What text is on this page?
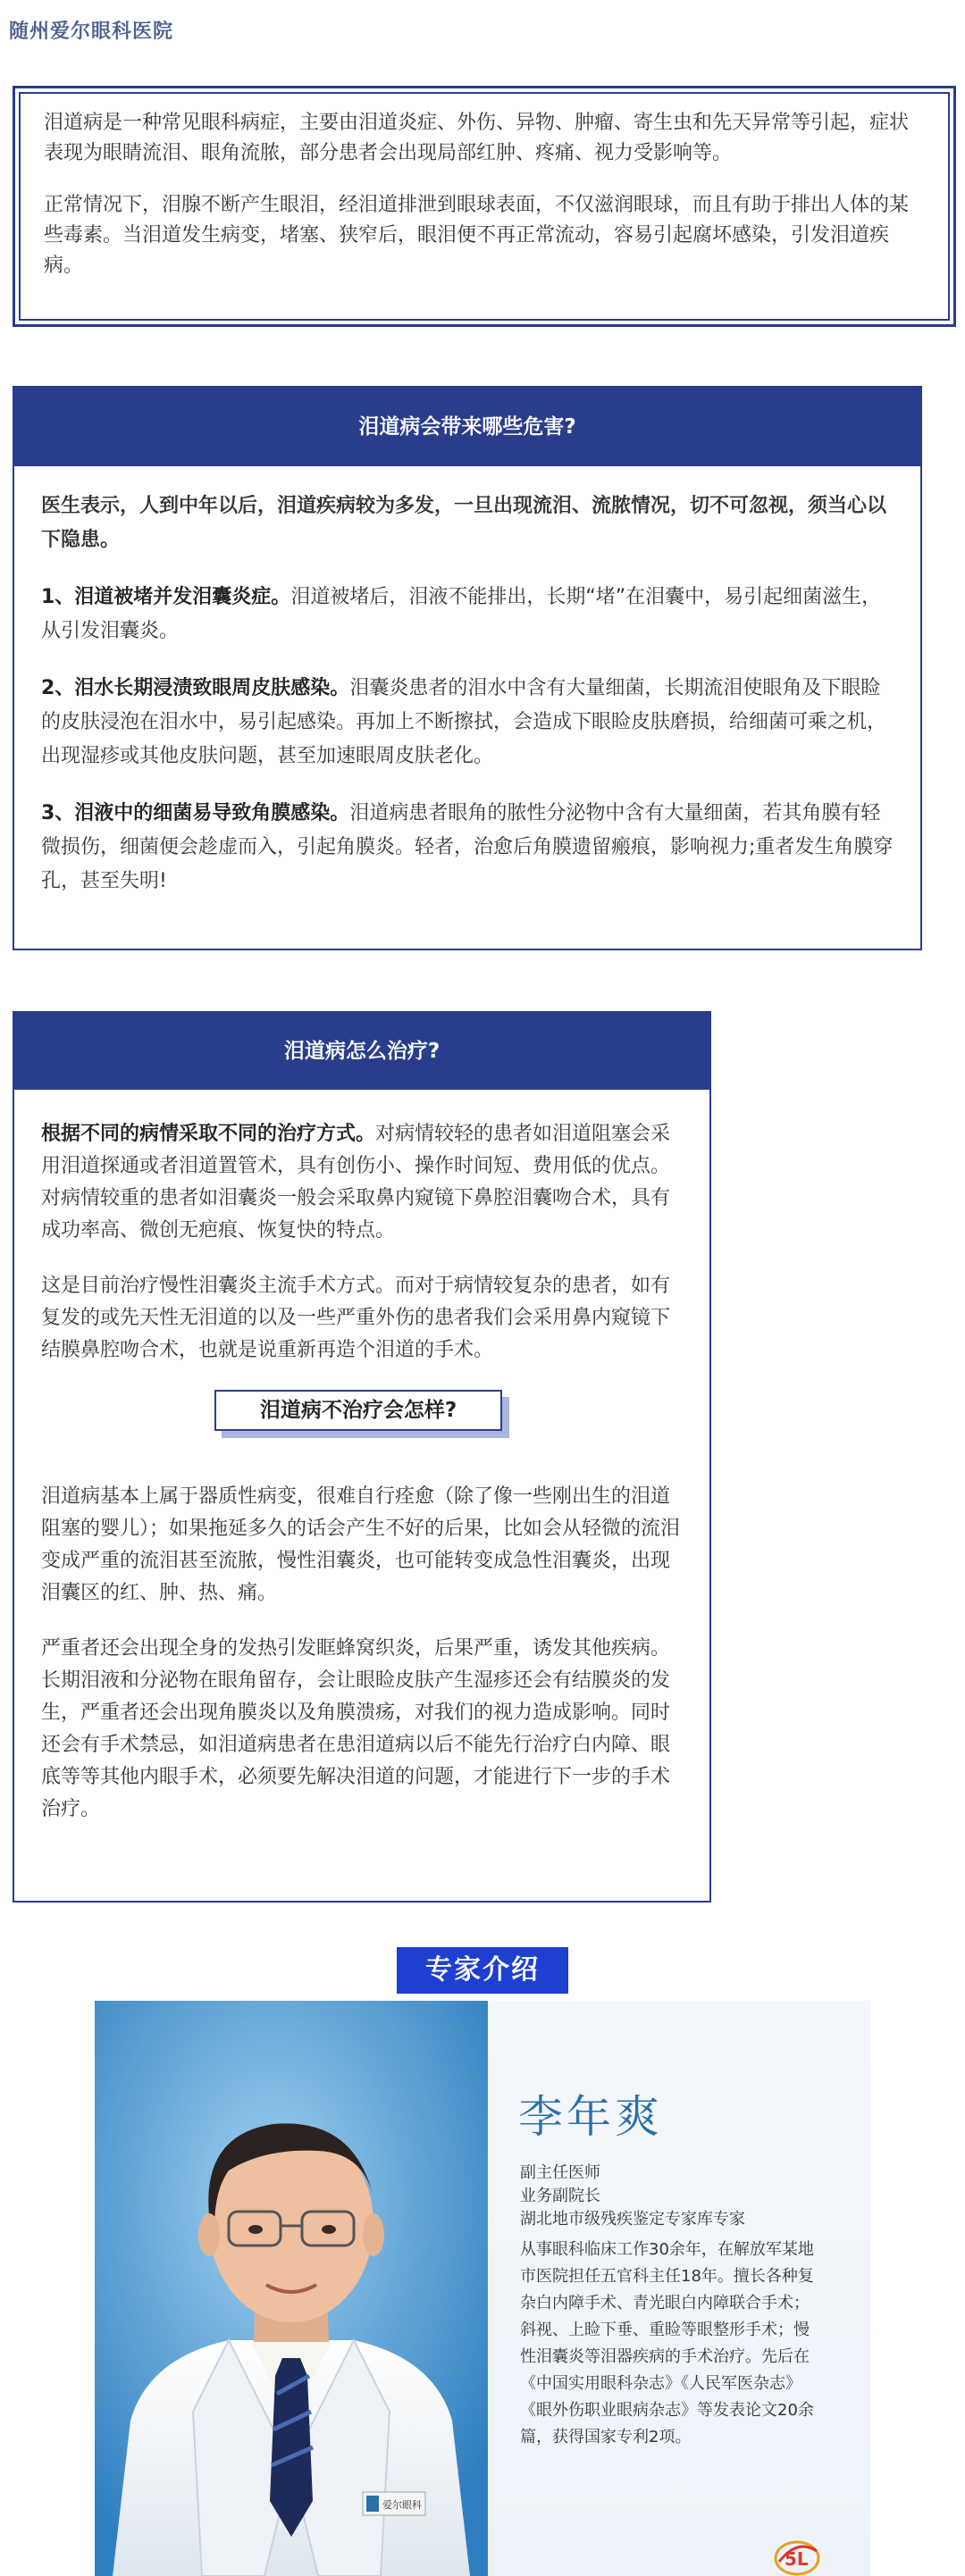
随州爱尔眼科医院

泪道病是一种常见眼科病症，主要由泪道炎症、外伤、异物、肿瘤、寄生虫和先天异常等引起，症状表现为眼睛流泪、眼角流脓，部分患者会出现局部红肿、疼痛、视力受影响等。

正常情况下，泪腺不断产生眼泪，经泪道排泄到眼球表面，不仅滋润眼球，而且有助于排出人体的某些毒素。当泪道发生病变，堵塞、狭窄后，眼泪便不再正常流动，容易引起腐坏感染，引发泪道疾病。

泪道病会带来哪些危害?

医生表示，人到中年以后，泪道疾病较为多发，一旦出现流泪、流脓情况，切不可忽视，须当心以下隐患。

1、泪道被堵并发泪囊炎症。泪道被堵后，泪液不能排出，长期“堵”在泪囊中，易引起细菌滋生，从引发泪囊炎。

2、泪水长期浸渍致眼周皮肤感染。泪囊炎患者的泪水中含有大量细菌，长期流泪使眼角及下眼睑的皮肤浸泡在泪水中，易引起感染。再加上不断擦拭，会造成下眼睑皮肤磨损，给细菌可乘之机，出现湿疹或其他皮肤问题，甚至加速眼周皮肤老化。

3、泪液中的细菌易导致角膜感染。泪道病患者眼角的脓性分泌物中含有大量细菌，若其角膜有轻微损伤，细菌便会趁虚而入，引起角膜炎。轻者，治愈后角膜遗留瘢痕，影响视力;重者发生角膜穿孔，甚至失明!

泪道病怎么治疗?

根据不同的病情采取不同的治疗方式。对病情较轻的患者如泪道阻塞会采用泪道探通或者泪道置管术，具有创伤小、操作时间短、费用低的优点。对病情较重的患者如泪囊炎一般会采取鼻内窥镜下鼻腔泪囊吻合术，具有成功率高、微创无疤痕、恢复快的特点。

这是目前治疗慢性泪囊炎主流手术方式。而对于病情较复杂的患者，如有复发的或先天性无泪道的以及一些严重外伤的患者我们会采用鼻内窥镜下结膜鼻腔吻合术，也就是说重新再造个泪道的手术。

泪道病不治疗会怎样?

泪道病基本上属于器质性病变，很难自行痊愈（除了像一些刚出生的泪道阻塞的婴儿）；如果拖延多久的话会产生不好的后果，比如会从轻微的流泪变成严重的流泪甚至流脓，慢性泪囊炎，也可能转变成急性泪囊炎，出现泪囊区的红、肿、热、痛。

严重者还会出现全身的发热引发眶蜂窝织炎，后果严重，诱发其他疾病。长期泪液和分泌物在眼角留存，会让眼睑皮肤产生湿疹还会有结膜炎的发生，严重者还会出现角膜炎以及角膜溃疡，对我们的视力造成影响。同时还会有手术禁忌，如泪道病患者在患泪道病以后不能先行治疗白内障、眼底等等其他内眼手术，必须要先解决泪道的问题，才能进行下一步的手术治疗。

专家介绍
爱尔眼科
李年爽
副主任医师
业务副院长
湖北地市级残疾鉴定专家库专家
从事眼科临床工作30余年，在解放军某地市医院担任五官科主任18年。擅长各种复杂白内障手术、青光眼白内障联合手术；斜视、上睑下垂、重睑等眼整形手术；慢性泪囊炎等泪器疾病的手术治疗。先后在《中国实用眼科杂志》《人民军医杂志》《眼外伤职业眼病杂志》等发表论文20余篇，获得国家专利2项。
5L
